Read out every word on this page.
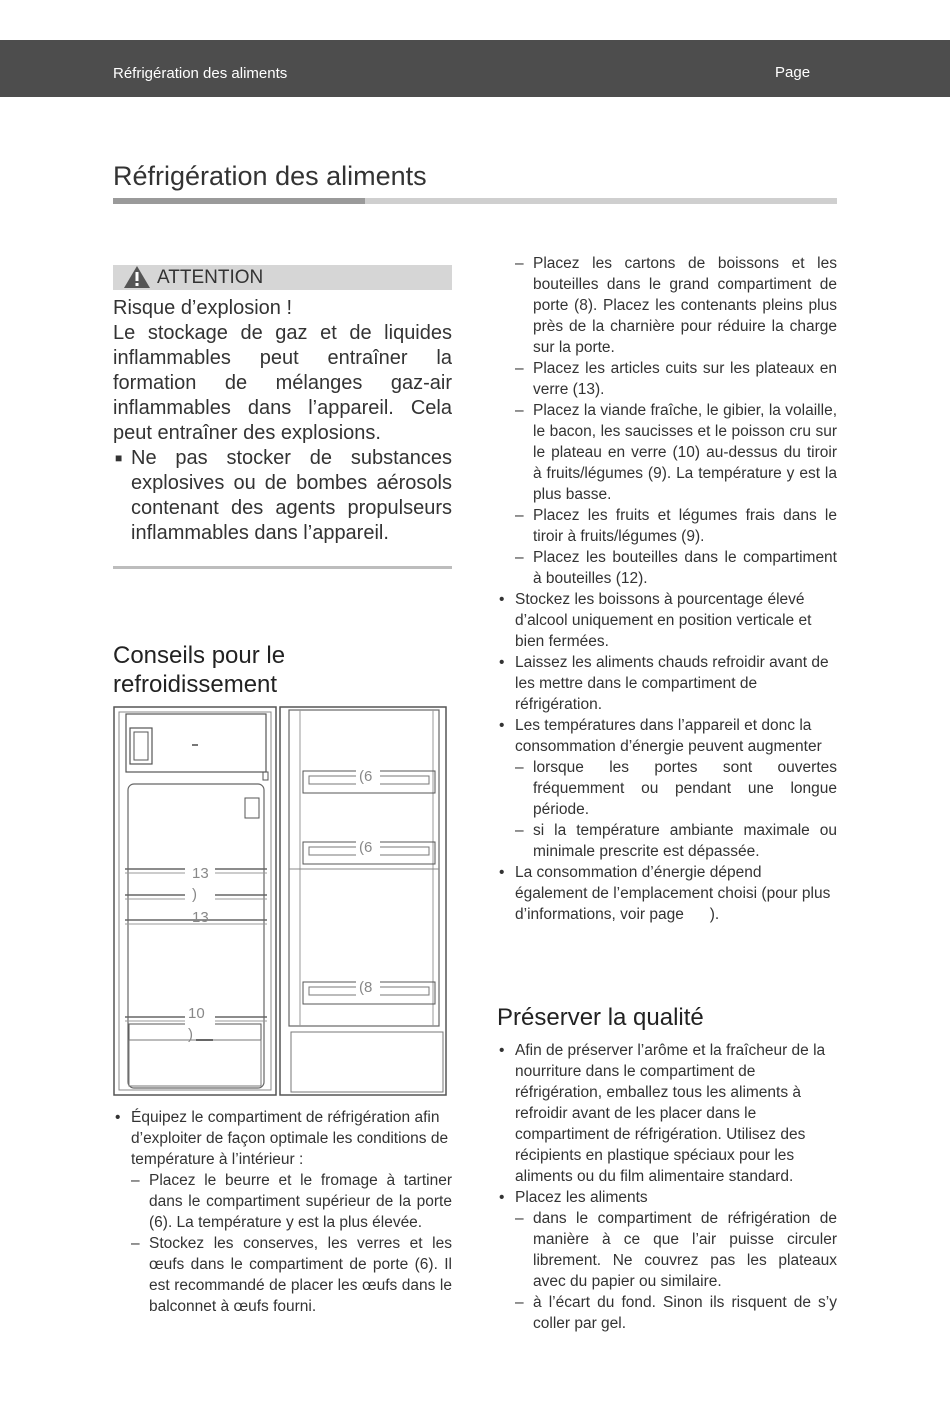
Réfrigération des aliments	Page
Réfrigération des aliments
ATTENTION

Risque d’explosion !

Le stockage de gaz et de liquides inflammables peut entraîner la formation de mélanges gaz-air inflammables dans l’appareil. Cela peut entraîner des explosions.

■ Ne pas stocker de substances explosives ou de bombes aérosols contenant des agents propulseurs inflammables dans l’appareil.
Conseils pour le
refroidissement
13
)
13
10
)
(6
(6
(8
• Équipez le compartiment de réfrigération afin d’exploiter de façon optimale les conditions de température à l’intérieur :
– Placez le beurre et le fromage à tartiner dans le compartiment supérieur de la porte (6). La température y est la plus élevée.
– Stockez les conserves, les verres et les œufs dans le compartiment de porte (6). Il est recommandé de placer les œufs dans le balconnet à œufs fourni.
– Placez les cartons de boissons et les bouteilles dans le grand compartiment de porte (8). Placez les contenants pleins plus près de la charnière pour réduire la charge sur la porte.
– Placez les articles cuits sur les plateaux en verre (13).
– Placez la viande fraîche, le gibier, la volaille, le bacon, les saucisses et le poisson cru sur le plateau en verre (10) au-dessus du tiroir à fruits/légumes (9). La température y est la plus basse.
– Placez les fruits et légumes frais dans le tiroir à fruits/légumes (9).
– Placez les bouteilles dans le compartiment à bouteilles (12).
• Stockez les boissons à pourcentage élevé d’alcool uniquement en position verticale et bien fermées.
• Laissez les aliments chauds refroidir avant de les mettre dans le compartiment de réfrigération.
• Les températures dans l’appareil et donc la consommation d’énergie peuvent augmenter
– lorsque les portes sont ouvertes fréquemment ou pendant une longue période.
– si la température ambiante maximale ou minimale prescrite est dépassée.
• La consommation d’énergie dépend également de l’emplacement choisi (pour plus d’informations, voir page      ).
Préserver la qualité
• Afin de préserver l’arôme et la fraîcheur de la nourriture dans le compartiment de réfrigération, emballez tous les aliments à refroidir avant de les placer dans le compartiment de réfrigération. Utilisez des récipients en plastique spéciaux pour les aliments ou du film alimentaire standard.
• Placez les aliments
– dans le compartiment de réfrigération de manière à ce que l’air puisse circuler librement. Ne couvrez pas les plateaux avec du papier ou similaire.
– à l’écart du fond. Sinon ils risquent de s’y coller par gel.
